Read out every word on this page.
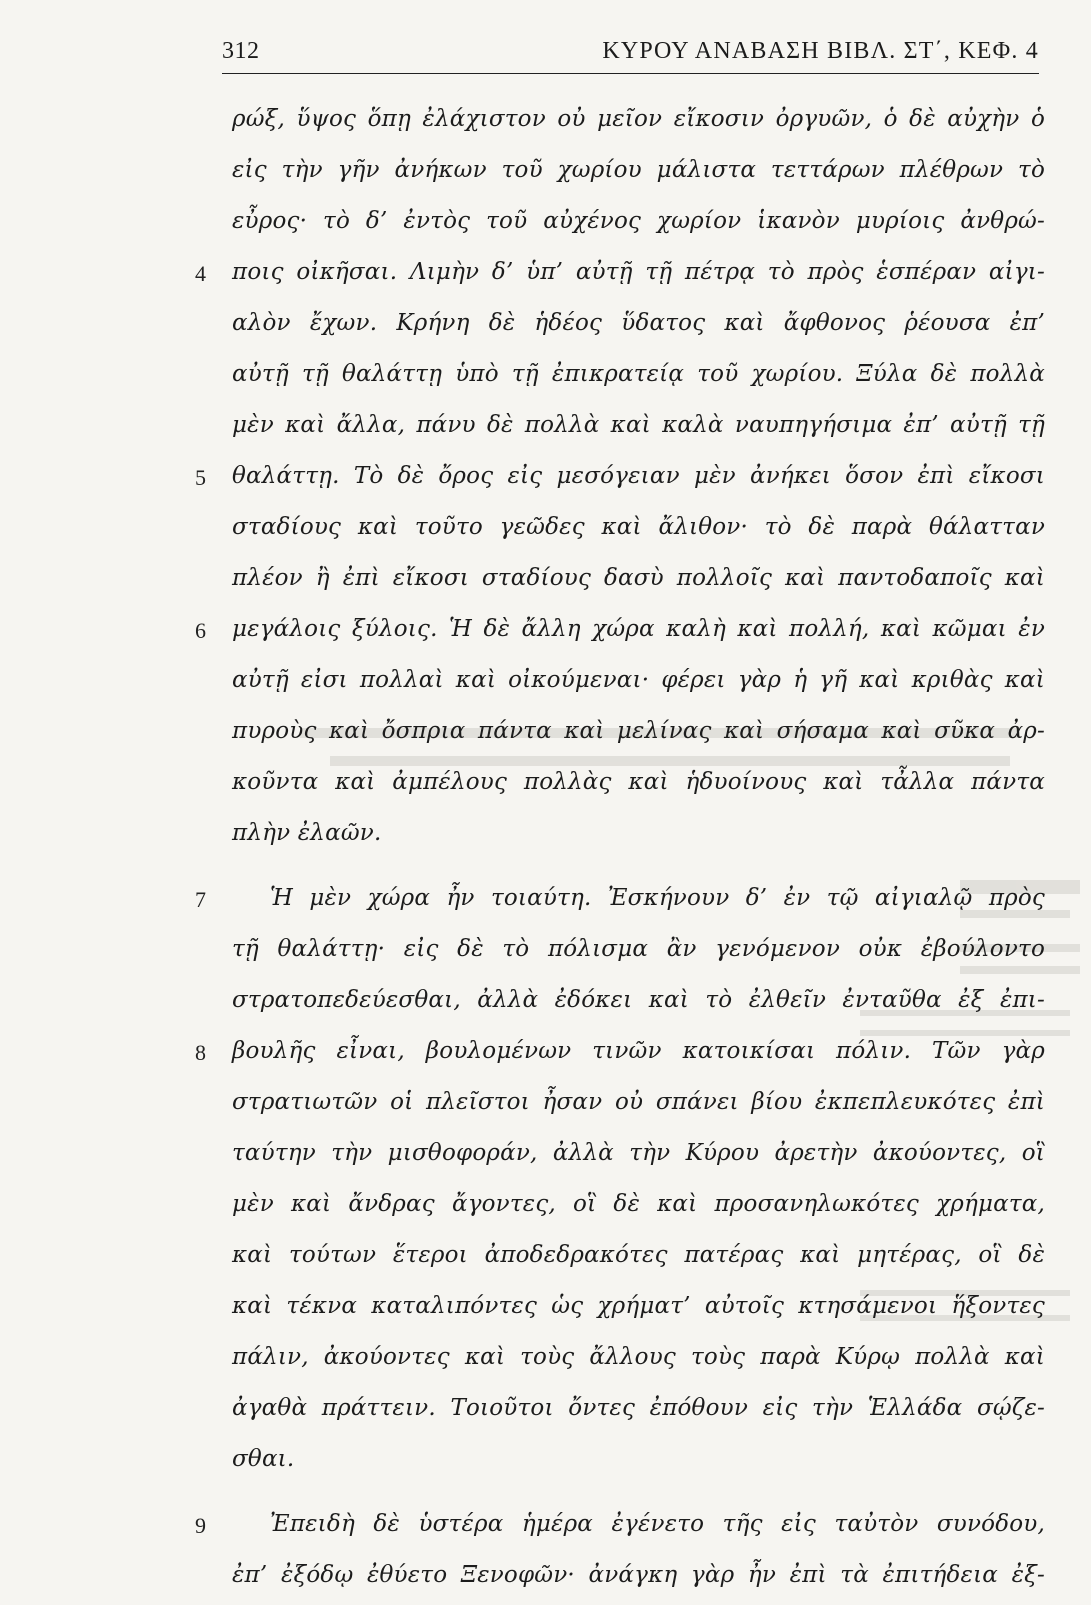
312	ΚΥΡΟΥ ΑΝΑΒΑΣΗ ΒΙΒΛ. ΣΤ΄, ΚΕΦ. 4
ρώξ, ὕψος ὅπῃ ἐλάχιστον οὐ μεῖον εἴκοσιν ὀργυῶν, ὁ δὲ αὐχὴν ὁ
εἰς τὴν γῆν ἀνήκων τοῦ χωρίου μάλιστα τεττάρων πλέθρων τὸ
εὖρος· τὸ δ’ ἐντὸς τοῦ αὐχένος χωρίον ἱκανὸν μυρίοις ἀνθρώ-
4 ποις οἰκῆσαι. Λιμὴν δ’ ὑπ’ αὐτῇ τῇ πέτρᾳ τὸ πρὸς ἑσπέραν αἰγι-
αλὸν ἔχων. Κρήνη δὲ ἡδέος ὕδατος καὶ ἄφθονος ῥέουσα ἐπ’
αὐτῇ τῇ θαλάττῃ ὑπὸ τῇ ἐπικρατείᾳ τοῦ χωρίου. Ξύλα δὲ πολλὰ
μὲν καὶ ἄλλα, πάνυ δὲ πολλὰ καὶ καλὰ ναυπηγήσιμα ἐπ’ αὐτῇ τῇ
5 θαλάττῃ. Τὸ δὲ ὄρος εἰς μεσόγειαν μὲν ἀνήκει ὅσον ἐπὶ εἴκοσι
σταδίους καὶ τοῦτο γεῶδες καὶ ἄλιθον· τὸ δὲ παρὰ θάλατταν
πλέον ἢ ἐπὶ εἴκοσι σταδίους δασὺ πολλοῖς καὶ παντοδαποῖς καὶ
6 μεγάλοις ξύλοις. Ἡ δὲ ἄλλη χώρα καλὴ καὶ πολλή, καὶ κῶμαι ἐν
αὐτῇ εἰσι πολλαὶ καὶ οἰκούμεναι· φέρει γὰρ ἡ γῆ καὶ κριθὰς καὶ
πυροὺς καὶ ὄσπρια πάντα καὶ μελίνας καὶ σήσαμα καὶ σῦκα ἀρ-
κοῦντα καὶ ἀμπέλους πολλὰς καὶ ἡδυοίνους καὶ τἆλλα πάντα
πλὴν ἐλαῶν.
7	Ἡ μὲν χώρα ἦν τοιαύτη. Ἐσκήνουν δ’ ἐν τῷ αἰγιαλῷ πρὸς
τῇ θαλάττῃ· εἰς δὲ τὸ πόλισμα ἂν γενόμενον οὐκ ἐβούλοντο
στρατοπεδεύεσθαι, ἀλλὰ ἐδόκει καὶ τὸ ἐλθεῖν ἐνταῦθα ἐξ ἐπι-
8 βουλῆς εἶναι, βουλομένων τινῶν κατοικίσαι πόλιν. Τῶν γὰρ
στρατιωτῶν οἱ πλεῖστοι ἦσαν οὐ σπάνει βίου ἐκπεπλευκότες ἐπὶ
ταύτην τὴν μισθοφοράν, ἀλλὰ τὴν Κύρου ἀρετὴν ἀκούοντες, οἳ
μὲν καὶ ἄνδρας ἄγοντες, οἳ δὲ καὶ προσανηλωκότες χρήματα,
καὶ τούτων ἕτεροι ἀποδεδρακότες πατέρας καὶ μητέρας, οἳ δὲ
καὶ τέκνα καταλιπόντες ὡς χρήματ’ αὐτοῖς κτησάμενοι ἥξοντες
πάλιν, ἀκούοντες καὶ τοὺς ἄλλους τοὺς παρὰ Κύρῳ πολλὰ καὶ
ἀγαθὰ πράττειν. Τοιοῦτοι ὄντες ἐπόθουν εἰς τὴν Ἑλλάδα σῴζε-
σθαι.
9	Ἐπειδὴ δὲ ὑστέρα ἡμέρα ἐγένετο τῆς εἰς ταὐτὸν συνόδου,
ἐπ’ ἐξόδῳ ἐθύετο Ξενοφῶν· ἀνάγκη γὰρ ἦν ἐπὶ τὰ ἐπιτήδεια ἐξ-
